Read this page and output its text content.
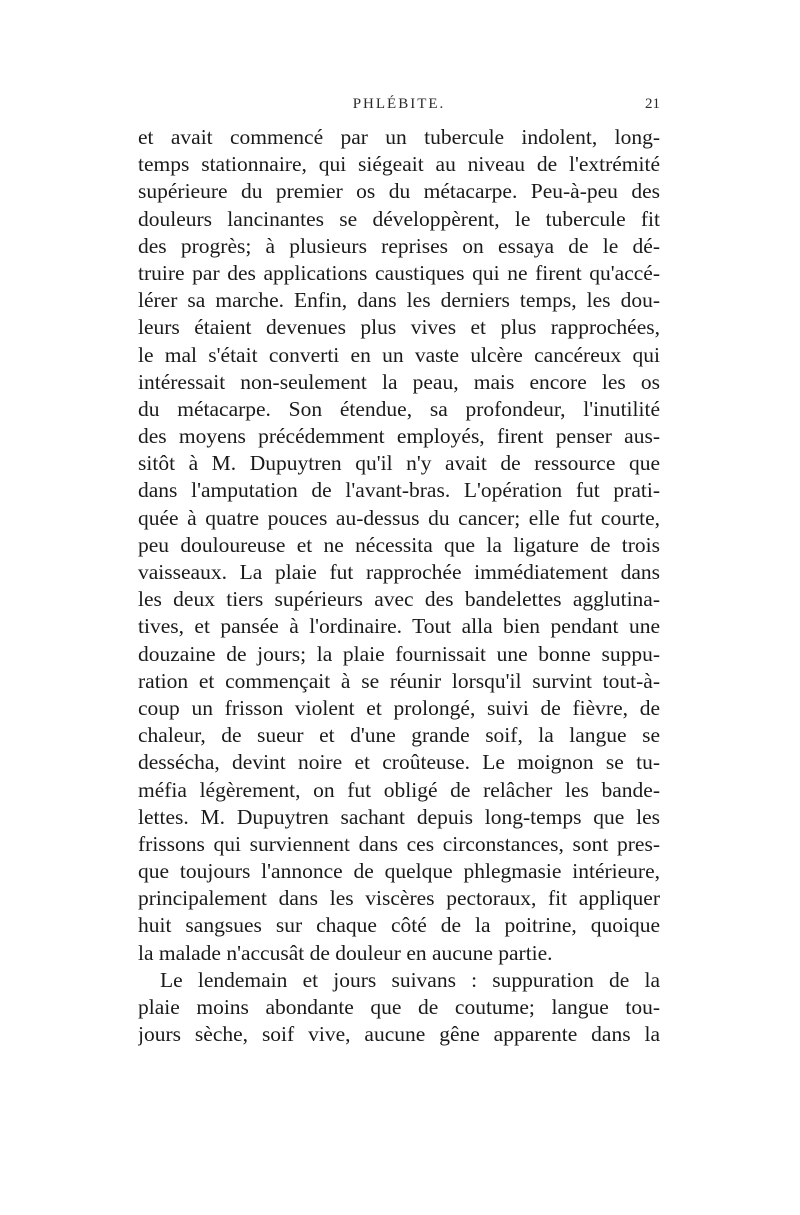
PHLÉBITE.	21
et avait commencé par un tubercule indolent, long-
temps stationnaire, qui siégeait au niveau de l'extrémité
supérieure du premier os du métacarpe. Peu-à-peu des
douleurs lancinantes se développèrent, le tubercule fit
des progrès; à plusieurs reprises on essaya de le dé-
truire par des applications caustiques qui ne firent qu'accé-
lérer sa marche. Enfin, dans les derniers temps, les dou-
leurs étaient devenues plus vives et plus rapprochées,
le mal s'était converti en un vaste ulcère cancéreux qui
intéressait non-seulement la peau, mais encore les os
du métacarpe. Son étendue, sa profondeur, l'inutilité
des moyens précédemment employés, firent penser aus-
sitôt à M. Dupuytren qu'il n'y avait de ressource que
dans l'amputation de l'avant-bras. L'opération fut prati-
quée à quatre pouces au-dessus du cancer; elle fut courte,
peu douloureuse et ne nécessita que la ligature de trois
vaisseaux. La plaie fut rapprochée immédiatement dans
les deux tiers supérieurs avec des bandelettes agglutina-
tives, et pansée à l'ordinaire. Tout alla bien pendant une
douzaine de jours; la plaie fournissait une bonne suppu-
ration et commençait à se réunir lorsqu'il survint tout-à-
coup un frisson violent et prolongé, suivi de fièvre, de
chaleur, de sueur et d'une grande soif, la langue se
dessécha, devint noire et croûteuse. Le moignon se tu-
méfia légèrement, on fut obligé de relâcher les bande-
lettes. M. Dupuytren sachant depuis long-temps que les
frissons qui surviennent dans ces circonstances, sont pres-
que toujours l'annonce de quelque phlegmasie intérieure,
principalement dans les viscères pectoraux, fit appliquer
huit sangsues sur chaque côté de la poitrine, quoique
la malade n'accusât de douleur en aucune partie.
Le lendemain et jours suivans : suppuration de la
plaie moins abondante que de coutume; langue tou-
jours sèche, soif vive, aucune gêne apparente dans la
